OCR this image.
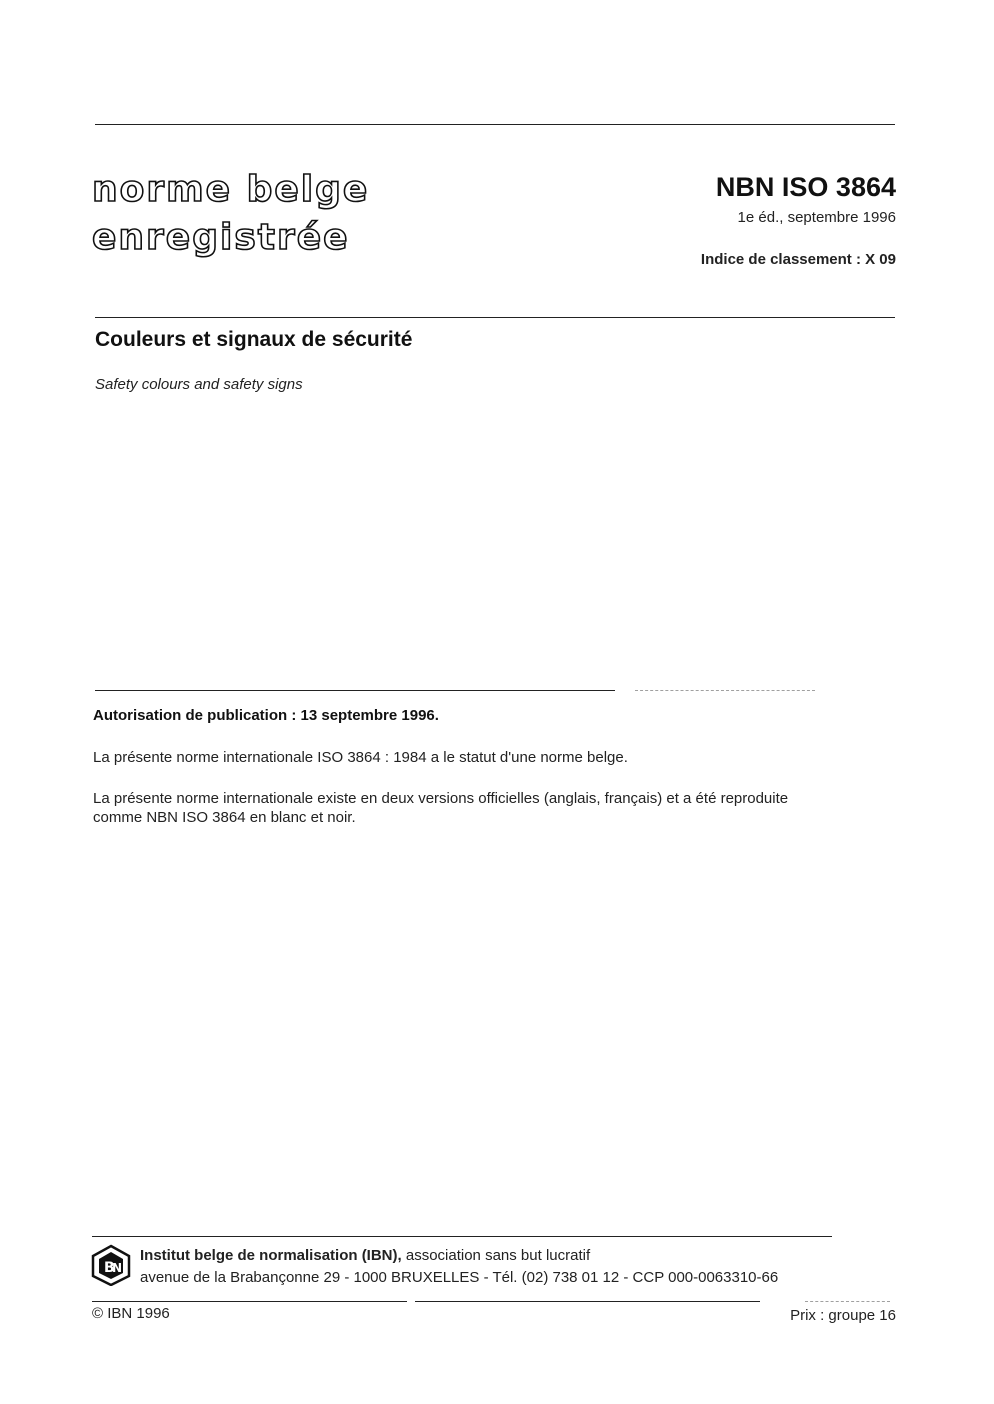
norme belge
enregistrée
NBN ISO 3864
1e éd., septembre 1996
Indice de classement : X 09
Couleurs et signaux de sécurité
Safety colours and safety signs
Autorisation de publication : 13 septembre 1996.
La présente norme internationale ISO 3864 : 1984 a le statut d'une norme belge.
La présente norme internationale existe en deux versions officielles (anglais, français) et a été reproduite
comme NBN ISO 3864 en blanc et noir.
B
N
Institut belge de normalisation (IBN), association sans but lucratif
avenue de la Brabançonne 29 - 1000 BRUXELLES - Tél. (02) 738 01 12 - CCP 000-0063310-66
© IBN 1996	Prix : groupe 16
